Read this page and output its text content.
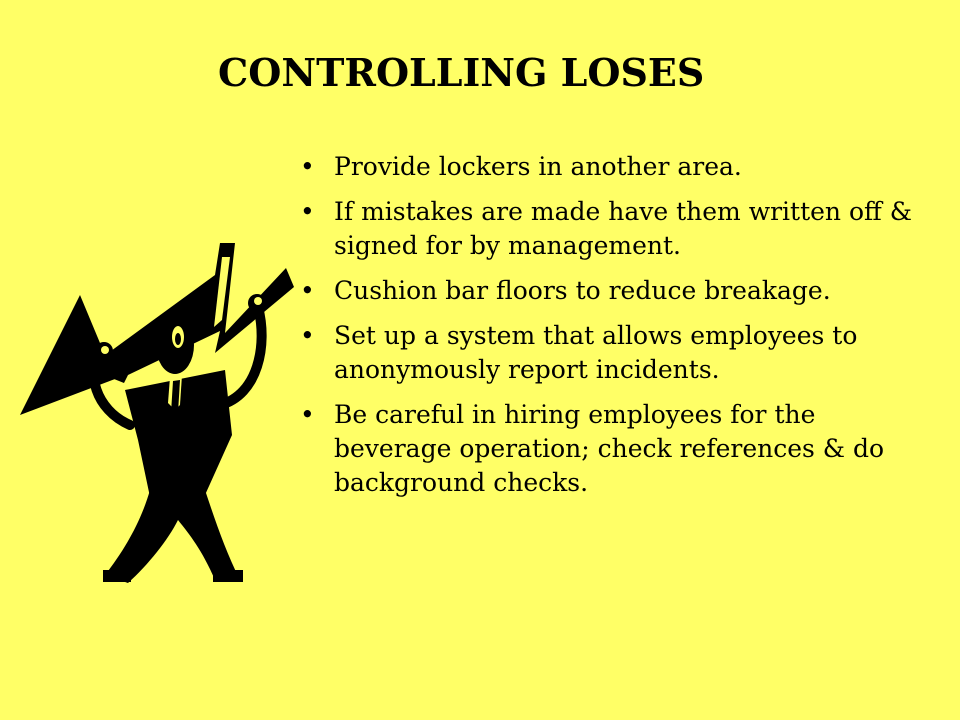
CONTROLLING LOSES
• Provide lockers in another area.
• If mistakes are made have them written off & signed for by management.
• Cushion bar floors to reduce breakage.
• Set up a system that allows employees to anonymously report incidents.
• Be careful in hiring employees for the beverage operation; check references & do background checks.
